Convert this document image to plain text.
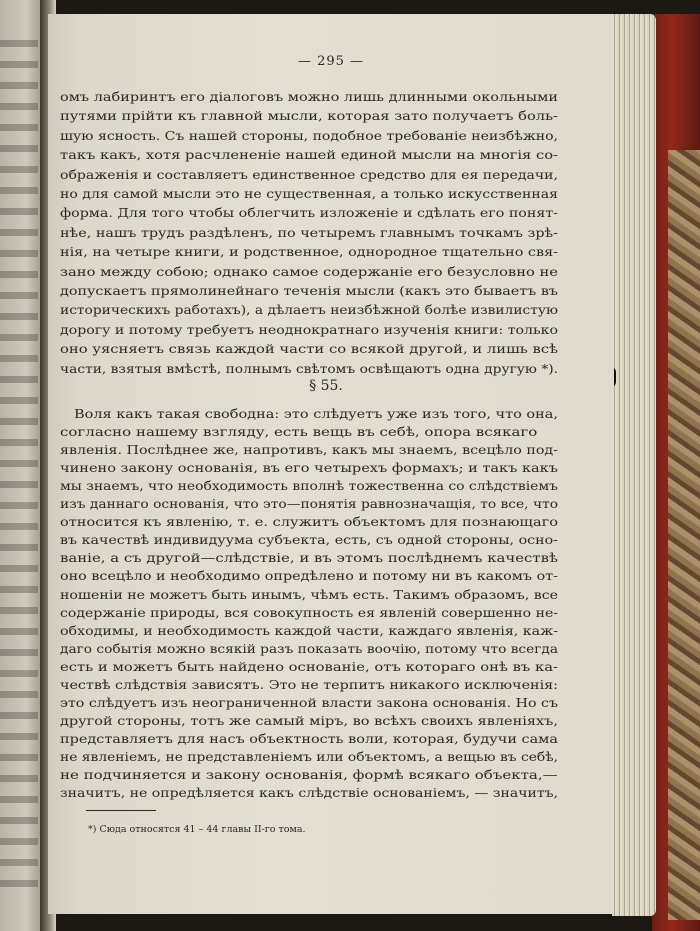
— 295 —
§ 55.
*) Сюда относятся 41 – 44 главы II-го тома.
омъ лабиринтъ его діалоговъ можно лишь длинными окольными
путями прійти къ главной мысли, которая зато получаетъ боль-
шую ясность. Съ нашей стороны, подобное требованіе неизбѣжно,
такъ какъ, хотя расчлененіе нашей единой мысли на многія со-
ображенія и составляетъ единственное средство для ея передачи,
но для самой мысли это не существенная, а только искусственная
форма. Для того чтобы облегчить изложеніе и сдѣлать его понят-
нѣе, нашъ трудъ раздѣленъ, по четыремъ главнымъ точкамъ зрѣ-
нія, на четыре книги, и родственное, однородное тщательно свя-
зано между собою; однако самое содержаніе его безусловно не
допускаетъ прямолинейнаго теченія мысли (какъ это бываетъ въ
историческихъ работахъ), а дѣлаетъ неизбѣжной болѣе извилистую
дорогу и потому требуетъ неоднократнаго изученія книги: только
оно уясняетъ связь каждой части со всякой другой, и лишь всѣ
части, взятыя вмѣстѣ, полнымъ свѣтомъ освѣщаютъ одна другую *).
Воля какъ такая свободна: это слѣдуетъ уже изъ того, что она,
согласно нашему взгляду, есть вещь въ себѣ, опора всякаго
явленія. Послѣднее же, напротивъ, какъ мы знаемъ, всецѣло под-
чинено закону основанія, въ его четырехъ формахъ; и такъ какъ
мы знаемъ, что необходимость вполнѣ тожественна со слѣдствіемъ
изъ даннаго основанія, что это—понятія равнозначащія, то все, что
относится къ явленію, т. е. служитъ объектомъ для познающаго
въ качествѣ индивидуума субъекта, есть, съ одной стороны, осно-
ваніе, а съ другой—слѣдствіе, и въ этомъ послѣднемъ качествѣ
оно всецѣло и необходимо опредѣлено и потому ни въ какомъ от-
ношеніи не можетъ быть инымъ, чѣмъ есть. Такимъ образомъ, все
содержаніе природы, вся совокупность ея явленій совершенно не-
обходимы, и необходимость каждой части, каждаго явленія, каж-
даго событія можно всякій разъ показать воочію, потому что всегда
есть и можетъ быть найдено основаніе, отъ котораго онѣ въ ка-
чествѣ слѣдствія зависятъ. Это не терпитъ никакого исключенія:
это слѣдуетъ изъ неограниченной власти закона основанія. Но съ
другой стороны, тотъ же самый міръ, во всѣхъ своихъ явленіяхъ,
представляетъ для насъ объектность воли, которая, будучи сама
не явленіемъ, не представленіемъ или объектомъ, а вещью въ себѣ,
не подчиняется и закону основанія, формѣ всякаго объекта,—
значитъ, не опредѣляется какъ слѣдствіе основаніемъ, — значитъ,
